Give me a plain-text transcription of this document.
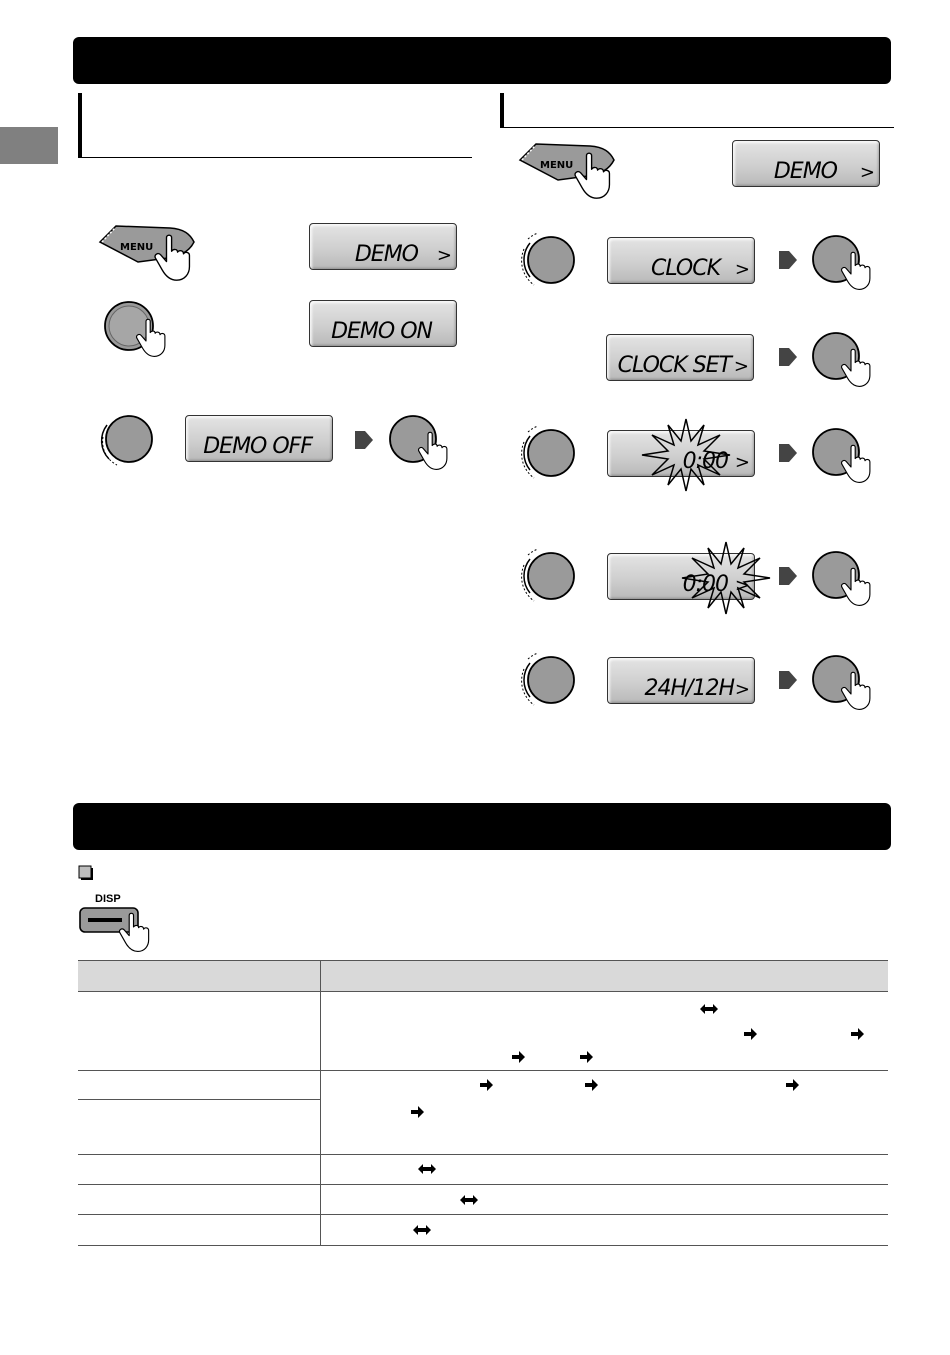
MENU	DEMO >
DEMO ON
DEMO OFF
MENU	DEMO >
CLOCK >
CLOCK SET >
0:00 >
0:00 >
24H/12H >
DISP
